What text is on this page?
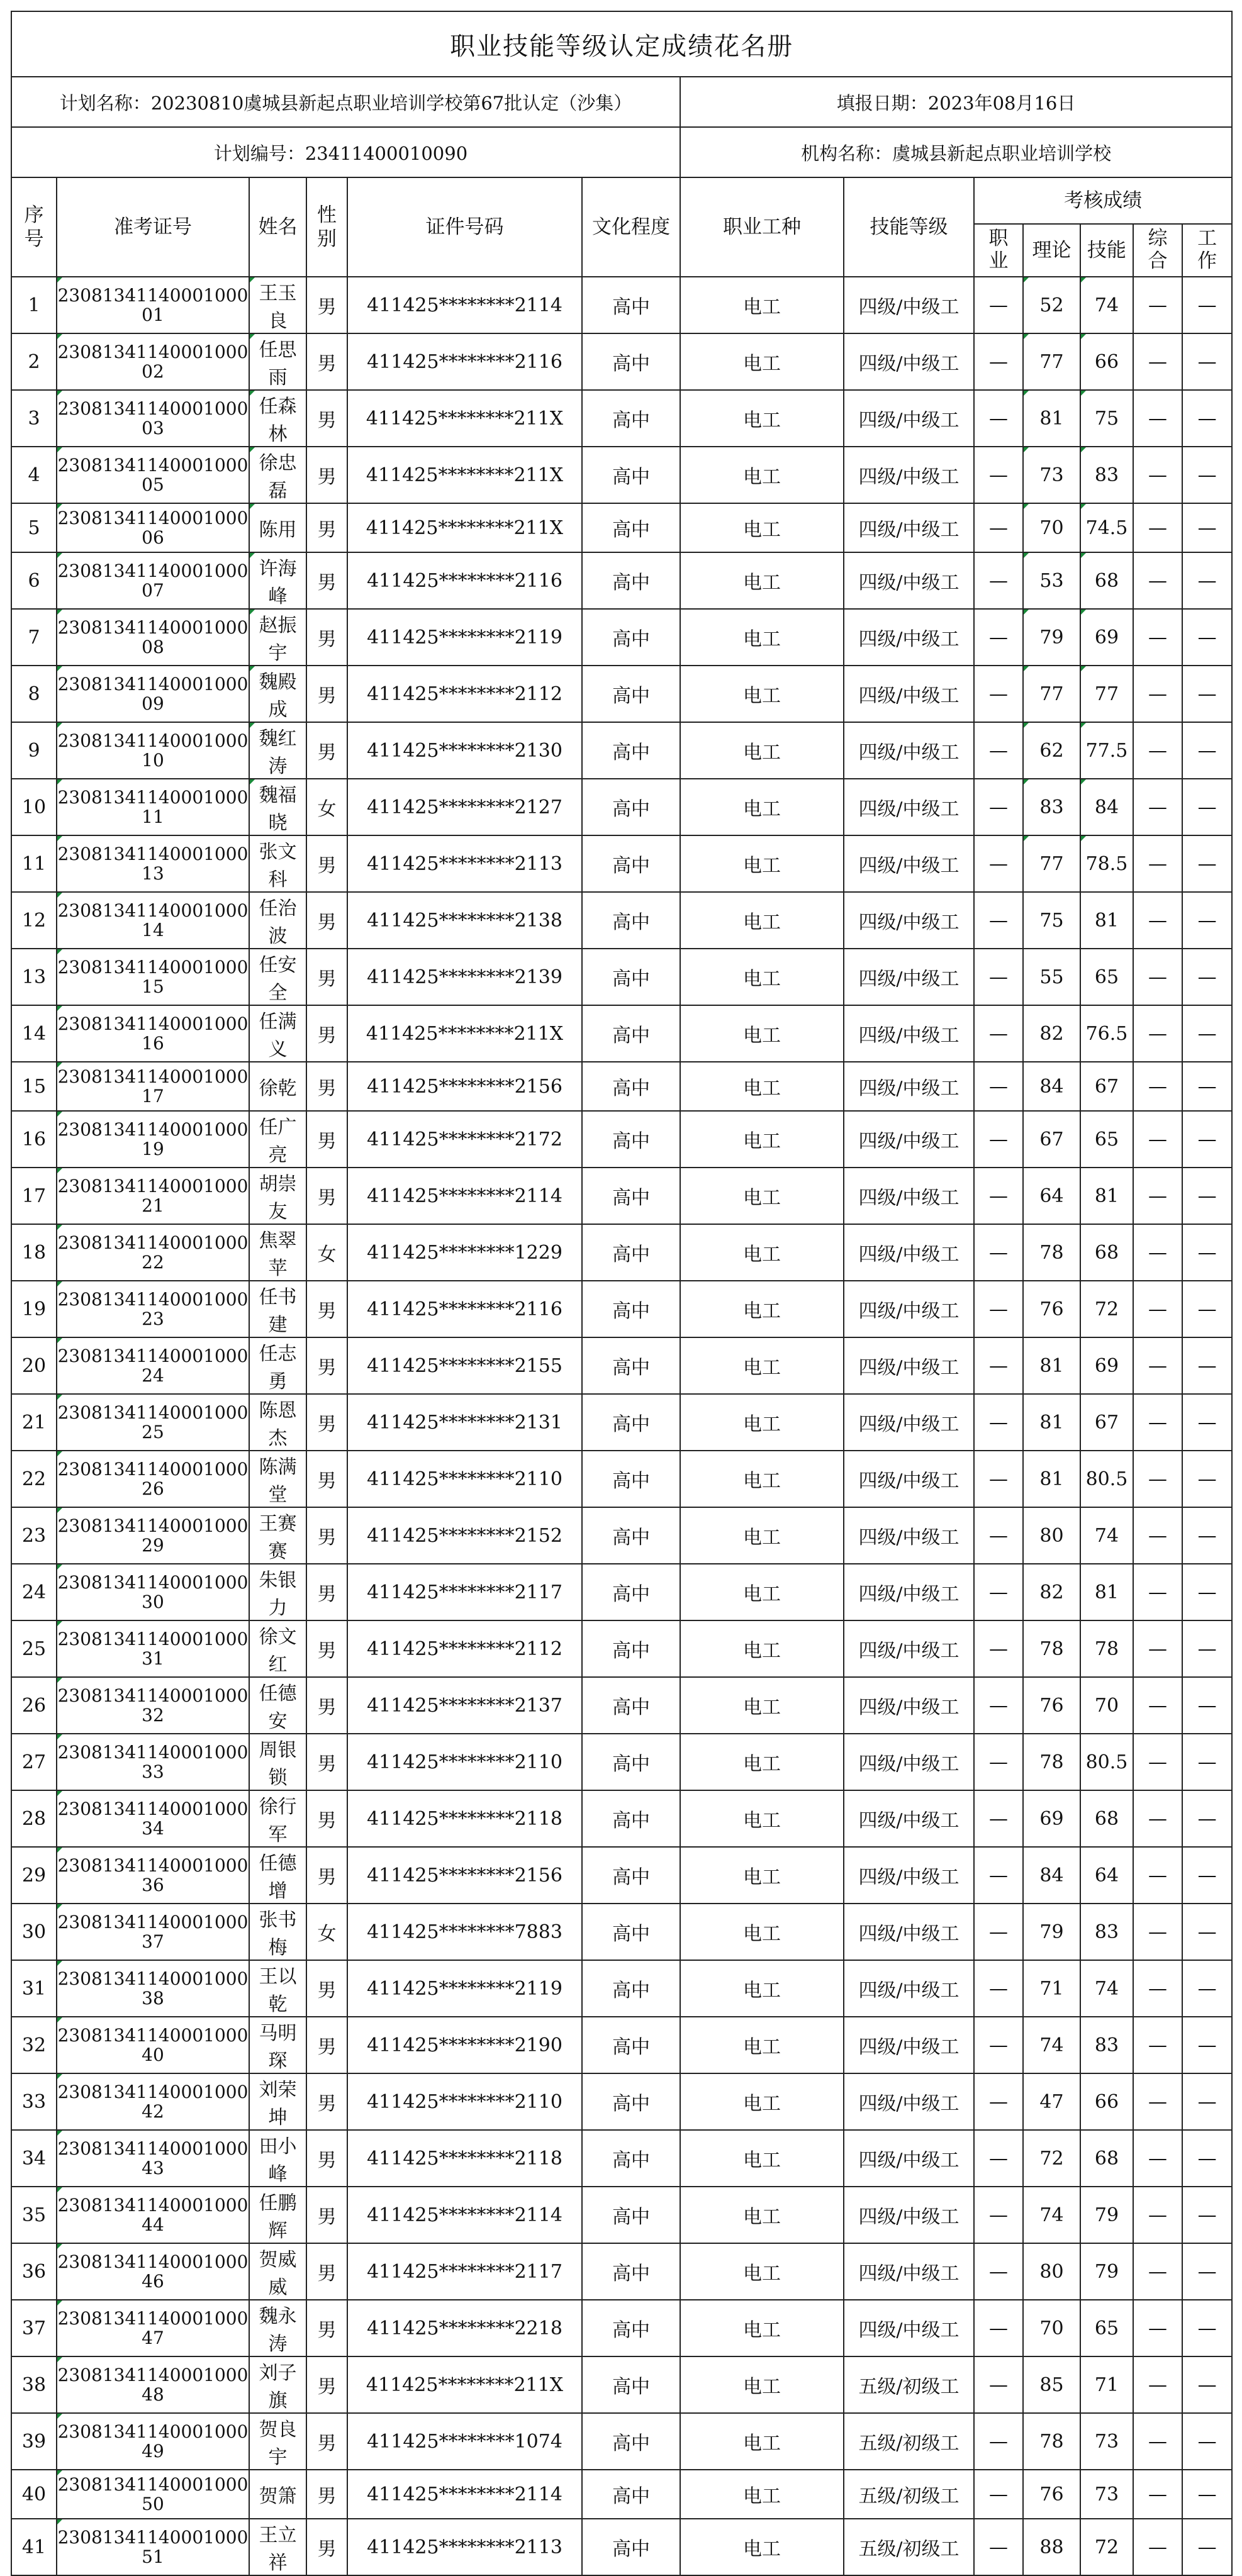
职业技能等级认定成绩花名册												
计划名称：20230810虞城县新起点职业培训学校第67批认定（沙集）						填报日期：2023年08月16日						
计划编号：23411400010090						机构名称：虞城县新起点职业培训学校						
序号	准考证号	姓名	性别	证件号码	文化程度	职业工种	技能等级	考核成绩				
								职业	理论	技能	综合	工作
1	2308134114000100001	王玉良	男	411425********2114	高中	电工	四级/中级工	—	52	74	—	—
2	2308134114000100002	任思雨	男	411425********2116	高中	电工	四级/中级工	—	77	66	—	—
3	2308134114000100003	任森林	男	411425********211X	高中	电工	四级/中级工	—	81	75	—	—
4	2308134114000100005	徐忠磊	男	411425********211X	高中	电工	四级/中级工	—	73	83	—	—
5	2308134114000100006	陈用	男	411425********211X	高中	电工	四级/中级工	—	70	74.5	—	—
6	2308134114000100007	许海峰	男	411425********2116	高中	电工	四级/中级工	—	53	68	—	—
7	2308134114000100008	赵振宇	男	411425********2119	高中	电工	四级/中级工	—	79	69	—	—
8	2308134114000100009	魏殿成	男	411425********2112	高中	电工	四级/中级工	—	77	77	—	—
9	2308134114000100010	魏红涛	男	411425********2130	高中	电工	四级/中级工	—	62	77.5	—	—
10	2308134114000100011	魏福晓	女	411425********2127	高中	电工	四级/中级工	—	83	84	—	—
11	2308134114000100013	张文科	男	411425********2113	高中	电工	四级/中级工	—	77	78.5	—	—
12	2308134114000100014	任治波	男	411425********2138	高中	电工	四级/中级工	—	75	81	—	—
13	2308134114000100015	任安全	男	411425********2139	高中	电工	四级/中级工	—	55	65	—	—
14	2308134114000100016	任满义	男	411425********211X	高中	电工	四级/中级工	—	82	76.5	—	—
15	2308134114000100017	徐乾	男	411425********2156	高中	电工	四级/中级工	—	84	67	—	—
16	2308134114000100019	任广亮	男	411425********2172	高中	电工	四级/中级工	—	67	65	—	—
17	2308134114000100021	胡崇友	男	411425********2114	高中	电工	四级/中级工	—	64	81	—	—
18	2308134114000100022	焦翠苹	女	411425********1229	高中	电工	四级/中级工	—	78	68	—	—
19	2308134114000100023	任书建	男	411425********2116	高中	电工	四级/中级工	—	76	72	—	—
20	2308134114000100024	任志勇	男	411425********2155	高中	电工	四级/中级工	—	81	69	—	—
21	2308134114000100025	陈恩杰	男	411425********2131	高中	电工	四级/中级工	—	81	67	—	—
22	2308134114000100026	陈满堂	男	411425********2110	高中	电工	四级/中级工	—	81	80.5	—	—
23	2308134114000100029	王赛赛	男	411425********2152	高中	电工	四级/中级工	—	80	74	—	—
24	2308134114000100030	朱银力	男	411425********2117	高中	电工	四级/中级工	—	82	81	—	—
25	2308134114000100031	徐文红	男	411425********2112	高中	电工	四级/中级工	—	78	78	—	—
26	2308134114000100032	任德安	男	411425********2137	高中	电工	四级/中级工	—	76	70	—	—
27	2308134114000100033	周银锁	男	411425********2110	高中	电工	四级/中级工	—	78	80.5	—	—
28	2308134114000100034	徐行军	男	411425********2118	高中	电工	四级/中级工	—	69	68	—	—
29	2308134114000100036	任德增	男	411425********2156	高中	电工	四级/中级工	—	84	64	—	—
30	2308134114000100037	张书梅	女	411425********7883	高中	电工	四级/中级工	—	79	83	—	—
31	2308134114000100038	王以乾	男	411425********2119	高中	电工	四级/中级工	—	71	74	—	—
32	2308134114000100040	马明琛	男	411425********2190	高中	电工	四级/中级工	—	74	83	—	—
33	2308134114000100042	刘荣坤	男	411425********2110	高中	电工	四级/中级工	—	47	66	—	—
34	2308134114000100043	田小峰	男	411425********2118	高中	电工	四级/中级工	—	72	68	—	—
35	2308134114000100044	任鹏辉	男	411425********2114	高中	电工	四级/中级工	—	74	79	—	—
36	2308134114000100046	贺威威	男	411425********2117	高中	电工	四级/中级工	—	80	79	—	—
37	2308134114000100047	魏永涛	男	411425********2218	高中	电工	四级/中级工	—	70	65	—	—
38	2308134114000100048	刘子旗	男	411425********211X	高中	电工	五级/初级工	—	85	71	—	—
39	2308134114000100049	贺良宇	男	411425********1074	高中	电工	五级/初级工	—	78	73	—	—
40	2308134114000100050	贺箫	男	411425********2114	高中	电工	五级/初级工	—	76	73	—	—
41	2308134114000100051	王立祥	男	411425********2113	高中	电工	五级/初级工	—	88	72	—	—
